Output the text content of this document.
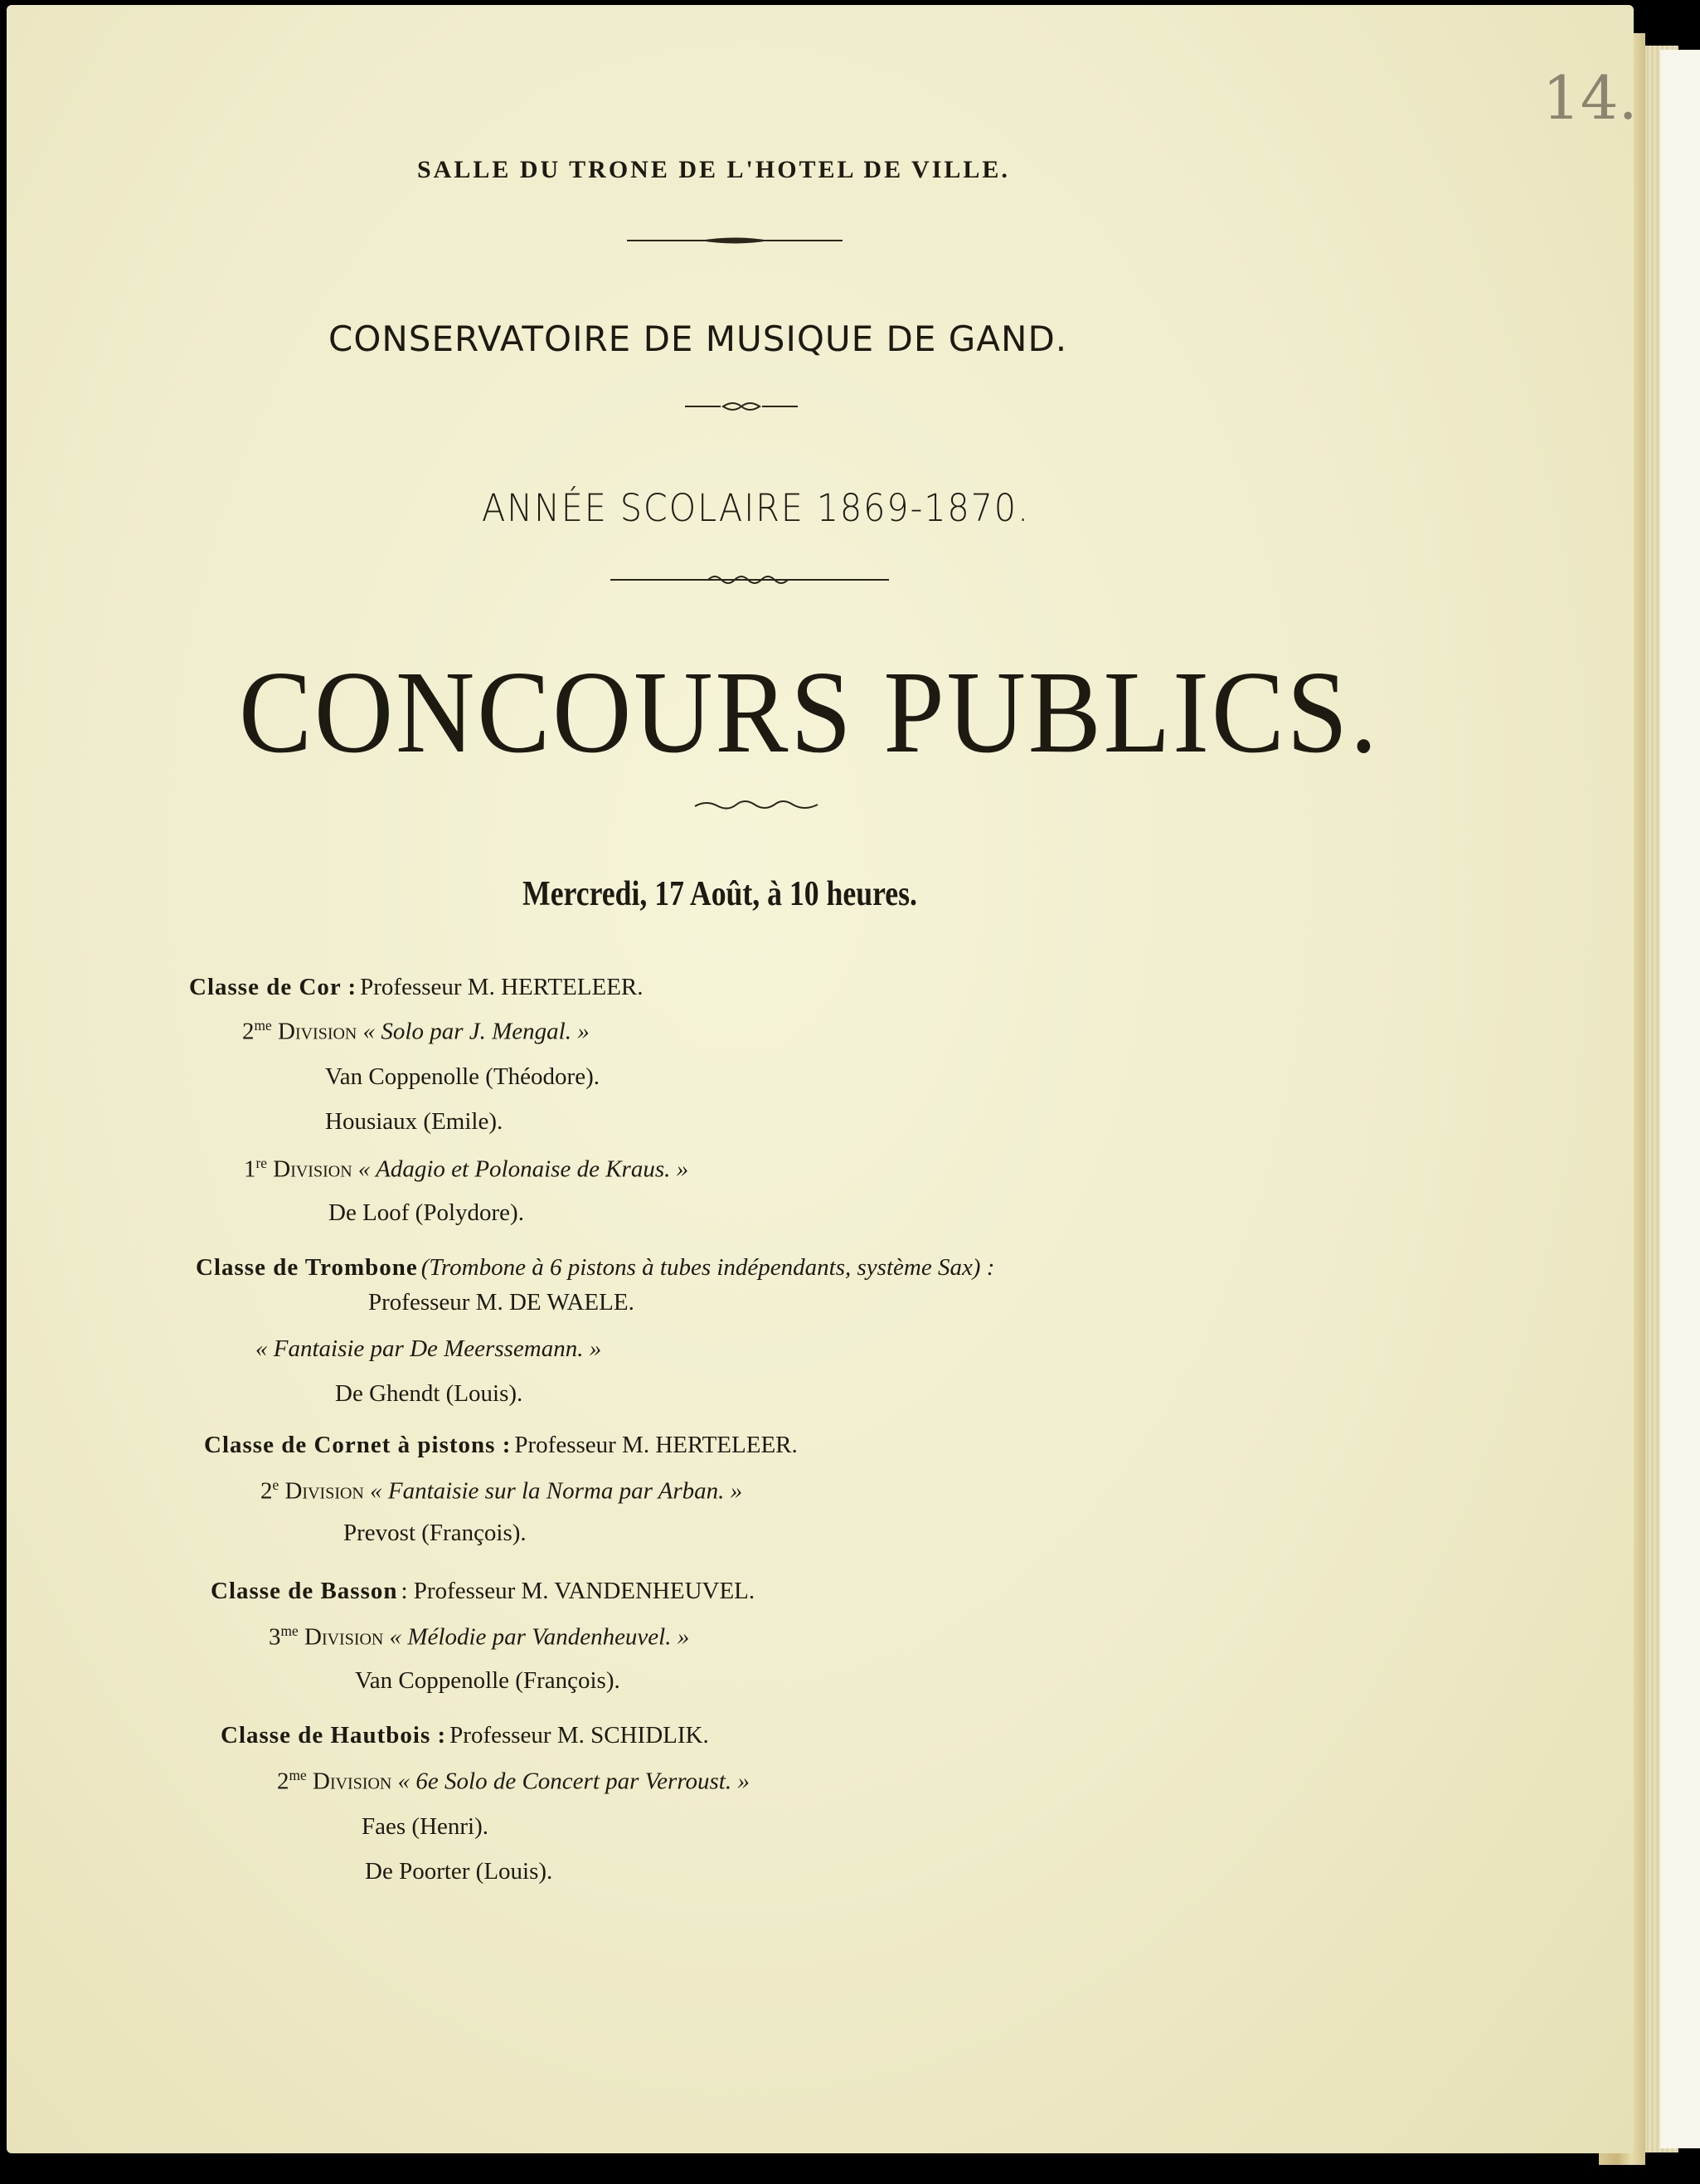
14.
SALLE DU TRONE DE L'HOTEL DE VILLE.
CONSERVATOIRE DE MUSIQUE DE GAND.
ANNÉE SCOLAIRE 1869-1870.
CONCOURS PUBLICS.
Mercredi, 17 Août, à 10 heures.
Classe de Cor : Professeur M. HERTELEER.
$2^{me}$ Division « Solo par J. Mengal. »
Van Coppenolle (Théodore).
Housiaux (Emile).
1re Division « Adagio et Polonaise de Kraus. »
De Loof (Polydore).
Classe de Trombone (Trombone à 6 pistons à tubes indépendants, système Sax) :
Professeur M. DE WAELE.
« Fantaisie par De Meerssemann. »
De Ghendt (Louis).
Classe de Cornet à pistons : Professeur M. HERTELEER.
2e Division « Fantaisie sur la Norma par Arban. »
Prevost (François).
Classe de Basson : Professeur M. VANDENHEUVEL.
$3^{me}$ Division « Mélodie par Vandenheuvel. »
Van Coppenolle (François).
Classe de Hautbois : Professeur M. SCHIDLIK.
$2^{me}$ Division « 6e Solo de Concert par Verroust. »
Faes (Henri).
De Poorter (Louis).
